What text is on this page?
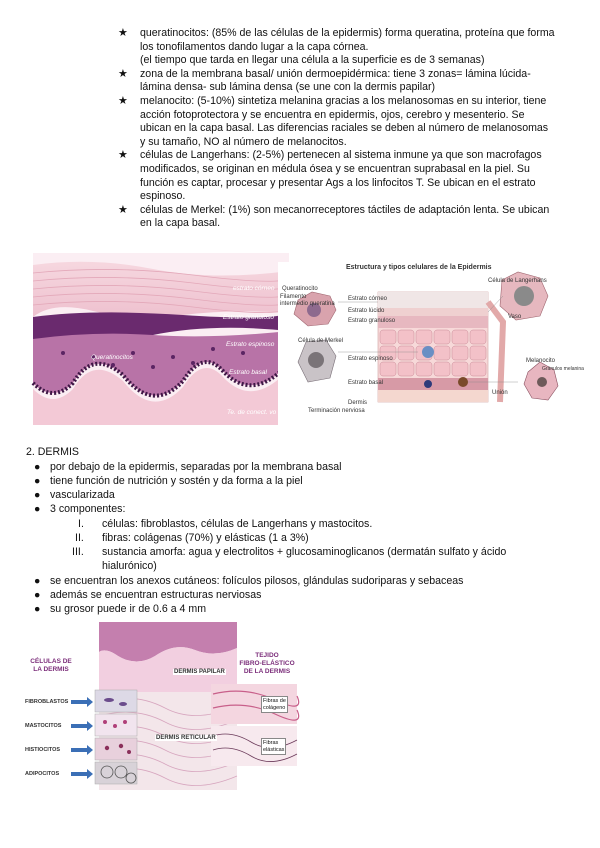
★ queratinocitos: (85% de las células de la epidermis) forma queratina, proteína que forma

los tonofilamentos dando lugar a la capa córnea.

(el tiempo que tarda en llegar una célula a la superficie es de 3 semanas)

★ zona de la membrana basal/ unión dermoepidérmica: tiene 3 zonas= lámina lúcida-

lámina densa- sub lámina densa (se une con la dermis papilar)

★ melanocito: (5-10%) sintetiza melanina gracias a los melanosomas en su interior, tiene

acción fotoprotectora y se encuentra en epidermis, ojos, cerebro y mesenterio. Se

ubican en la capa basal. Las diferencias raciales se deben al número de melanosomas

y su tamaño, NO al número de melanocitos.

★ células de Langerhans: (2-5%) pertenecen al sistema inmune ya que son macrofagos

modificados, se originan en médula ósea y se encuentran suprabasal en la piel. Su

función es captar, procesar y presentar Ags a los linfocitos T. Se ubican en el estrato

espinoso.

★ células de Merkel: (1%) son mecanorreceptores táctiles de adaptación lenta. Se ubican

en la capa basal.

estrato córneo
Estrato granuloso
Estrato espinoso
Queratinocitos
Estrato basal
Te. de conect. vo
Estructura y tipos celulares de la Epidermis
Queratinocito
Filamento intermedio queratina
Célula de Langerhans
Estrato córneo
Estrato lúcido
Estrato granuloso
Célula de Merkel
Estrato espinoso
Vaso
Melanocito
Gránulos melanina
Estrato basal
Dermis
Terminación nerviosa
Unión
2. DERMIS
● por debajo de la epidermis, separadas por la membrana basal
● tiene función de nutrición y sostén y da forma a la piel
● vascularizada
● 3 componentes:
I. células: fibroblastos, células de Langerhans y mastocitos.
II. fibras: colágenas (70%) y elásticas (1 a 3%)
III. sustancia amorfa: agua y electrolitos + glucosaminoglicanos (dermatán sulfato y ácido
hialurónico)
● se encuentran los anexos cutáneos: folículos pilosos, glándulas sudoriparas y sebaceas
● además se encuentran estructuras nerviosas
● su grosor puede ir de 0.6 a 4 mm
CÉLULAS DE
LA DERMIS
TEJIDO
FIBRO-ELÁSTICO
DE LA DERMIS
FIBROBLASTOS
MASTOCITOS
HISTIOCITOS
ADIPOCITOS
DERMIS PAPILAR
DERMIS RETICULAR
Fibras de
colágeno
Fibras
elásticas
